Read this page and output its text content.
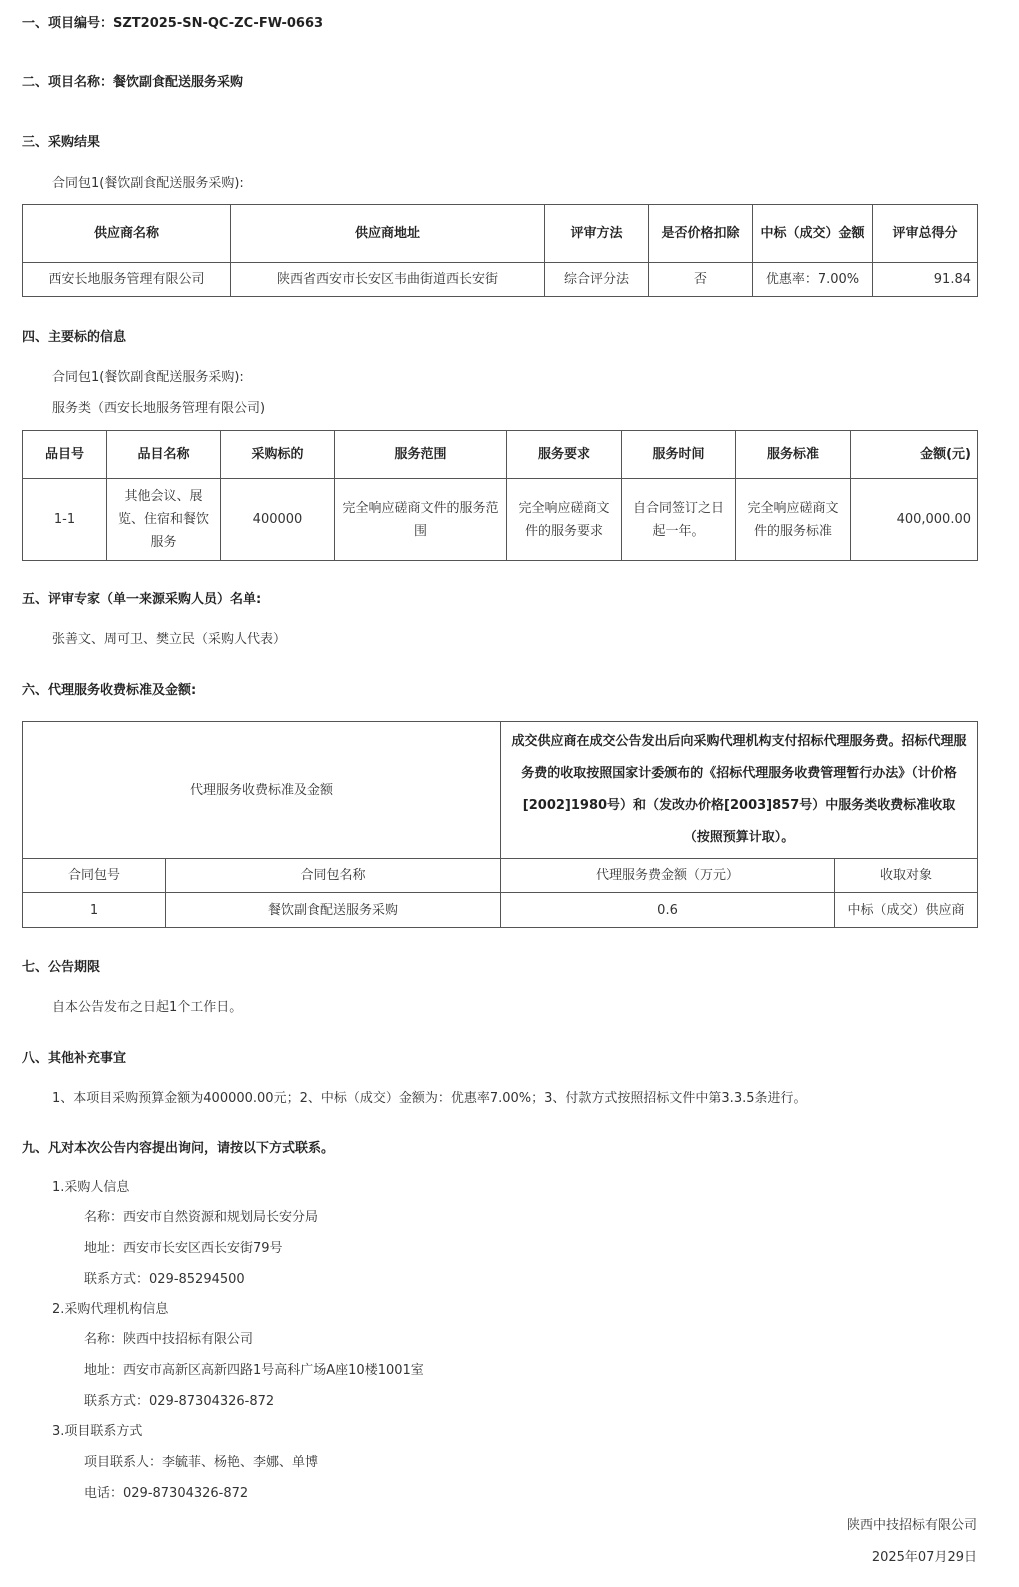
一、项目编号：SZT2025-SN-QC-ZC-FW-0663
二、项目名称：餐饮副食配送服务采购
三、采购结果
合同包1(餐饮副食配送服务采购):
供应商名称	供应商地址	评审方法	是否价格扣除	中标（成交）金额	评审总得分
西安长地服务管理有限公司	陕西省西安市长安区韦曲街道西长安街	综合评分法	否	优惠率：7.00%	91.84
四、主要标的信息
合同包1(餐饮副食配送服务采购):
服务类（西安长地服务管理有限公司)
品目号	品目名称	采购标的	服务范围	服务要求	服务时间	服务标准	金额(元)
1-1	其他会议、展览、住宿和餐饮服务	400000	完全响应磋商文件的服务范围	完全响应磋商文件的服务要求	自合同签订之日起一年。	完全响应磋商文件的服务标准	400,000.00
五、评审专家（单一来源采购人员）名单:
张善文、周可卫、樊立民（采购人代表）
六、代理服务收费标准及金额:
代理服务收费标准及金额		成交供应商在成交公告发出后向采购代理机构支付招标代理服务费。招标代理服务费的收取按照国家计委颁布的《招标代理服务收费管理暂行办法》（计价格[2002]1980号）和（发改办价格[2003]857号）中服务类收费标准收取（按照预算计取）。	
合同包号	合同包名称	代理服务费金额（万元）	收取对象
1	餐饮副食配送服务采购	0.6	中标（成交）供应商
七、公告期限
自本公告发布之日起1个工作日。
八、其他补充事宜
1、本项目采购预算金额为400000.00元；2、中标（成交）金额为：优惠率7.00%；3、付款方式按照招标文件中第3.3.5条进行。
九、凡对本次公告内容提出询问，请按以下方式联系。
1.采购人信息
名称：西安市自然资源和规划局长安分局
地址：西安市长安区西长安街79号
联系方式：029-85294500
2.采购代理机构信息
名称：陕西中技招标有限公司
地址：西安市高新区高新四路1号高科广场A座10楼1001室
联系方式：029-87304326-872
3.项目联系方式
项目联系人：李毓菲、杨艳、李娜、单博
电话：029-87304326-872
陕西中技招标有限公司
2025年07月29日
